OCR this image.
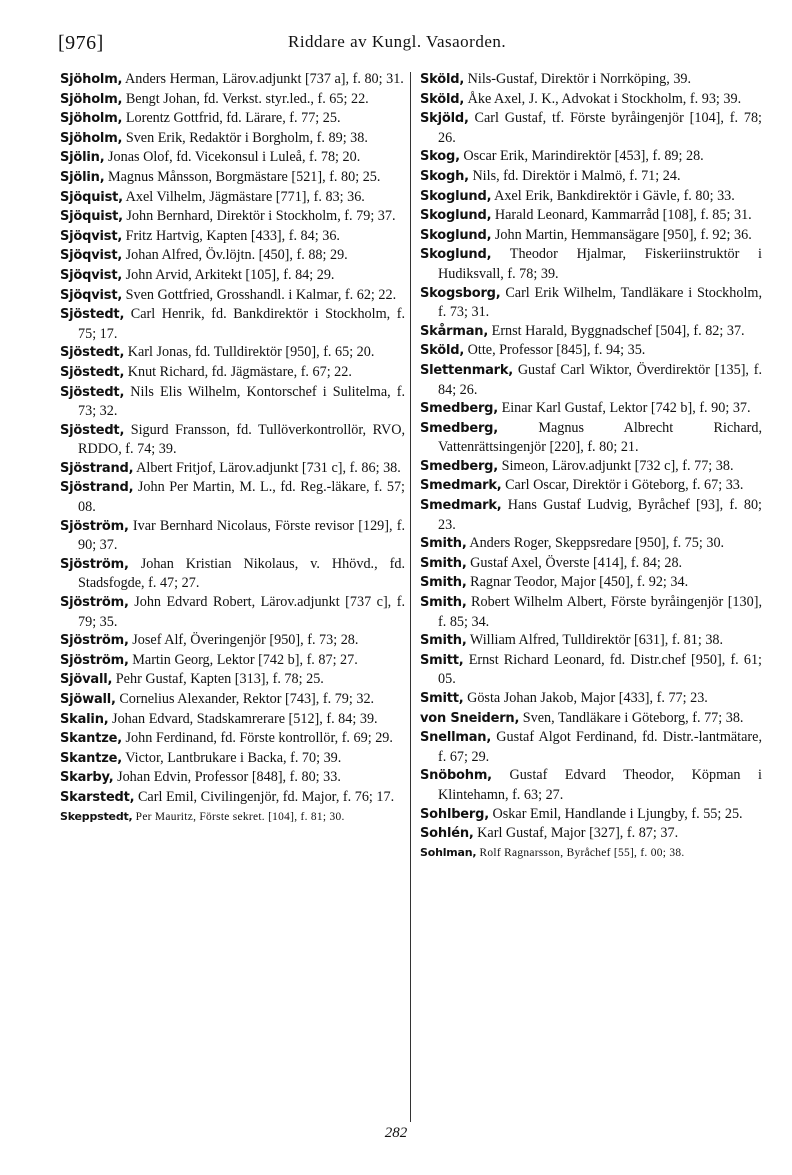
[976]	Riddare av Kungl. Vasaorden.

Sjöholm, Anders Herman, Lärov.adjunkt [737 a], f. 80; 31.

Sjöholm, Bengt Johan, fd. Verkst. styr.led., f. 65; 22.

Sjöholm, Lorentz Gottfrid, fd. Lärare, f. 77; 25.

Sjöholm, Sven Erik, Redaktör i Borgholm, f. 89; 38.

Sjölin, Jonas Olof, fd. Vicekonsul i Luleå, f. 78; 20.

Sjölin, Magnus Månsson, Borgmästare [521], f. 80; 25.

Sjöquist, Axel Vilhelm, Jägmästare [771], f. 83; 36.

Sjöquist, John Bernhard, Direktör i Stockholm, f. 79; 37.

Sjöqvist, Fritz Hartvig, Kapten [433], f. 84; 36.

Sjöqvist, Johan Alfred, Öv.löjtn. [450], f. 88; 29.

Sjöqvist, John Arvid, Arkitekt [105], f. 84; 29.

Sjöqvist, Sven Gottfried, Grosshandl. i Kalmar, f. 62; 22.

Sjöstedt, Carl Henrik, fd. Bankdirektör i Stockholm, f. 75; 17.

Sjöstedt, Karl Jonas, fd. Tulldirektör [950], f. 65; 20.

Sjöstedt, Knut Richard, fd. Jägmästare, f. 67; 22.

Sjöstedt, Nils Elis Wilhelm, Kontorschef i Sulitelma, f. 73; 32.

Sjöstedt, Sigurd Fransson, fd. Tullöverkontrollör, RVO, RDDO, f. 74; 39.

Sjöstrand, Albert Fritjof, Lärov.adjunkt [731 c], f. 86; 38.

Sjöstrand, John Per Martin, M. L., fd. Reg.-läkare, f. 57; 08.

Sjöström, Ivar Bernhard Nicolaus, Förste revisor [129], f. 90; 37.

Sjöström, Johan Kristian Nikolaus, v. Hhövd., fd. Stadsfogde, f. 47; 27.

Sjöström, John Edvard Robert, Lärov.adjunkt [737 c], f. 79; 35.

Sjöström, Josef Alf, Överingenjör [950], f. 73; 28.

Sjöström, Martin Georg, Lektor [742 b], f. 87; 27.

Sjövall, Pehr Gustaf, Kapten [313], f. 78; 25.

Sjöwall, Cornelius Alexander, Rektor [743], f. 79; 32.

Skalin, Johan Edvard, Stadskamrerare [512], f. 84; 39.

Skantze, John Ferdinand, fd. Förste kontrollör, f. 69; 29.

Skantze, Victor, Lantbrukare i Backa, f. 70; 39.

Skarby, Johan Edvin, Professor [848], f. 80; 33.

Skarstedt, Carl Emil, Civilingenjör, fd. Major, f. 76; 17.

Skeppstedt, Per Mauritz, Förste sekret. [104], f. 81; 30.

Sköld, Nils-Gustaf, Direktör i Norrköping, 39.

Sköld, Åke Axel, J. K., Advokat i Stockholm, f. 93; 39.

Skjöld, Carl Gustaf, tf. Förste byråingenjör [104], f. 78; 26.

Skog, Oscar Erik, Marindirektör [453], f. 89; 28.

Skogh, Nils, fd. Direktör i Malmö, f. 71; 24.

Skoglund, Axel Erik, Bankdirektör i Gävle, f. 80; 33.

Skoglund, Harald Leonard, Kammarråd [108], f. 85; 31.

Skoglund, John Martin, Hemmansägare [950], f. 92; 36.

Skoglund, Theodor Hjalmar, Fiskeriinstruktör i Hudiksvall, f. 78; 39.

Skogsborg, Carl Erik Wilhelm, Tandläkare i Stockholm, f. 73; 31.

Skårman, Ernst Harald, Byggnadschef [504], f. 82; 37.

Sköld, Otte, Professor [845], f. 94; 35.

Slettenmark, Gustaf Carl Wiktor, Överdirektör [135], f. 84; 26.

Smedberg, Einar Karl Gustaf, Lektor [742 b], f. 90; 37.

Smedberg, Magnus Albrecht Richard, Vattenrättsingenjör [220], f. 80; 21.

Smedberg, Simeon, Lärov.adjunkt [732 c], f. 77; 38.

Smedmark, Carl Oscar, Direktör i Göteborg, f. 67; 33.

Smedmark, Hans Gustaf Ludvig, Byråchef [93], f. 80; 23.

Smith, Anders Roger, Skeppsredare [950], f. 75; 30.

Smith, Gustaf Axel, Överste [414], f. 84; 28.

Smith, Ragnar Teodor, Major [450], f. 92; 34.

Smith, Robert Wilhelm Albert, Förste byråingenjör [130], f. 85; 34.

Smith, William Alfred, Tulldirektör [631], f. 81; 38.

Smitt, Ernst Richard Leonard, fd. Distr.chef [950], f. 61; 05.

Smitt, Gösta Johan Jakob, Major [433], f. 77; 23.

von Sneidern, Sven, Tandläkare i Göteborg, f. 77; 38.

Snellman, Gustaf Algot Ferdinand, fd. Distr.-lantmätare, f. 67; 29.

Snöbohm, Gustaf Edvard Theodor, Köpman i Klintehamn, f. 63; 27.

Sohlberg, Oskar Emil, Handlande i Ljungby, f. 55; 25.

Sohlén, Karl Gustaf, Major [327], f. 87; 37.

Sohlman, Rolf Ragnarsson, Byråchef [55], f. 00; 38.

282
